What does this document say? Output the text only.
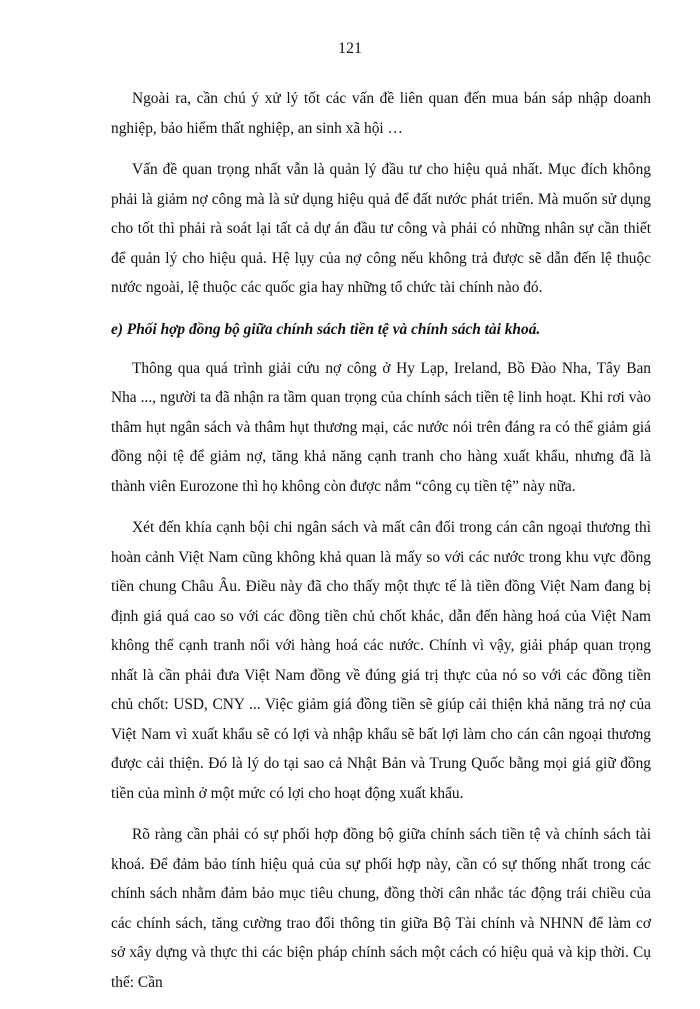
121

Ngoài ra, cần chú ý xử lý tốt các vấn đề liên quan đến mua bán sáp nhập doanh nghiệp, bảo hiểm thất nghiệp, an sinh xã hội …

Vấn đề quan trọng nhất vẫn là quản lý đầu tư cho hiệu quả nhất. Mục đích không phải là giảm nợ công mà là sử dụng hiệu quả để đất nước phát triển. Mà muốn sử dụng cho tốt thì phải rà soát lại tất cả dự án đầu tư công và phải có những nhân sự cần thiết để quản lý cho hiệu quả. Hệ lụy của nợ công nếu không trả được sẽ dẫn đến lệ thuộc nước ngoài, lệ thuộc các quốc gia hay những tổ chức tài chính nào đó.

e) Phối hợp đồng bộ giữa chính sách tiền tệ và chính sách tài khoá.

Thông qua quá trình giải cứu nợ công ở Hy Lạp, Ireland, Bồ Đào Nha, Tây Ban Nha ..., người ta đã nhận ra tầm quan trọng của chính sách tiền tệ linh hoạt. Khi rơi vào thâm hụt ngân sách và thâm hụt thương mại, các nước nói trên đáng ra có thể giảm giá đồng nội tệ để giảm nợ, tăng khả năng cạnh tranh cho hàng xuất khẩu, nhưng đã là thành viên Eurozone thì họ không còn được nắm “công cụ tiền tệ” này nữa.

Xét đến khía cạnh bội chi ngân sách và mất cân đối trong cán cân ngoại thương thì hoàn cảnh Việt Nam cũng không khả quan là mấy so với các nước trong khu vực đồng tiền chung Châu Âu. Điều này đã cho thấy một thực tế là tiền đồng Việt Nam đang bị định giá quá cao so với các đồng tiền chủ chốt khác, dẫn đến hàng hoá của Việt Nam không thể cạnh tranh nổi với hàng hoá các nước. Chính vì vậy, giải pháp quan trọng nhất là cần phải đưa Việt Nam đồng về đúng giá trị thực của nó so với các đồng tiền chủ chốt: USD, CNY ... Việc giảm giá đồng tiền sẽ giúp cải thiện khả năng trả nợ của Việt Nam vì xuất khẩu sẽ có lợi và nhập khẩu sẽ bất lợi làm cho cán cân ngoại thương được cải thiện. Đó là lý do tại sao cả Nhật Bản và Trung Quốc bằng mọi giá giữ đồng tiền của mình ở một mức có lợi cho hoạt động xuất khẩu.

Rõ ràng cần phải có sự phối hợp đồng bộ giữa chính sách tiền tệ và chính sách tài khoá. Để đảm bảo tính hiệu quả của sự phối hợp này, cần có sự thống nhất trong các chính sách nhằm đảm bảo mục tiêu chung, đồng thời cân nhắc tác động trái chiều của các chính sách, tăng cường trao đổi thông tin giữa Bộ Tài chính và NHNN để làm cơ sở xây dựng và thực thi các biện pháp chính sách một cách có hiệu quả và kịp thời. Cụ thể: Cần
